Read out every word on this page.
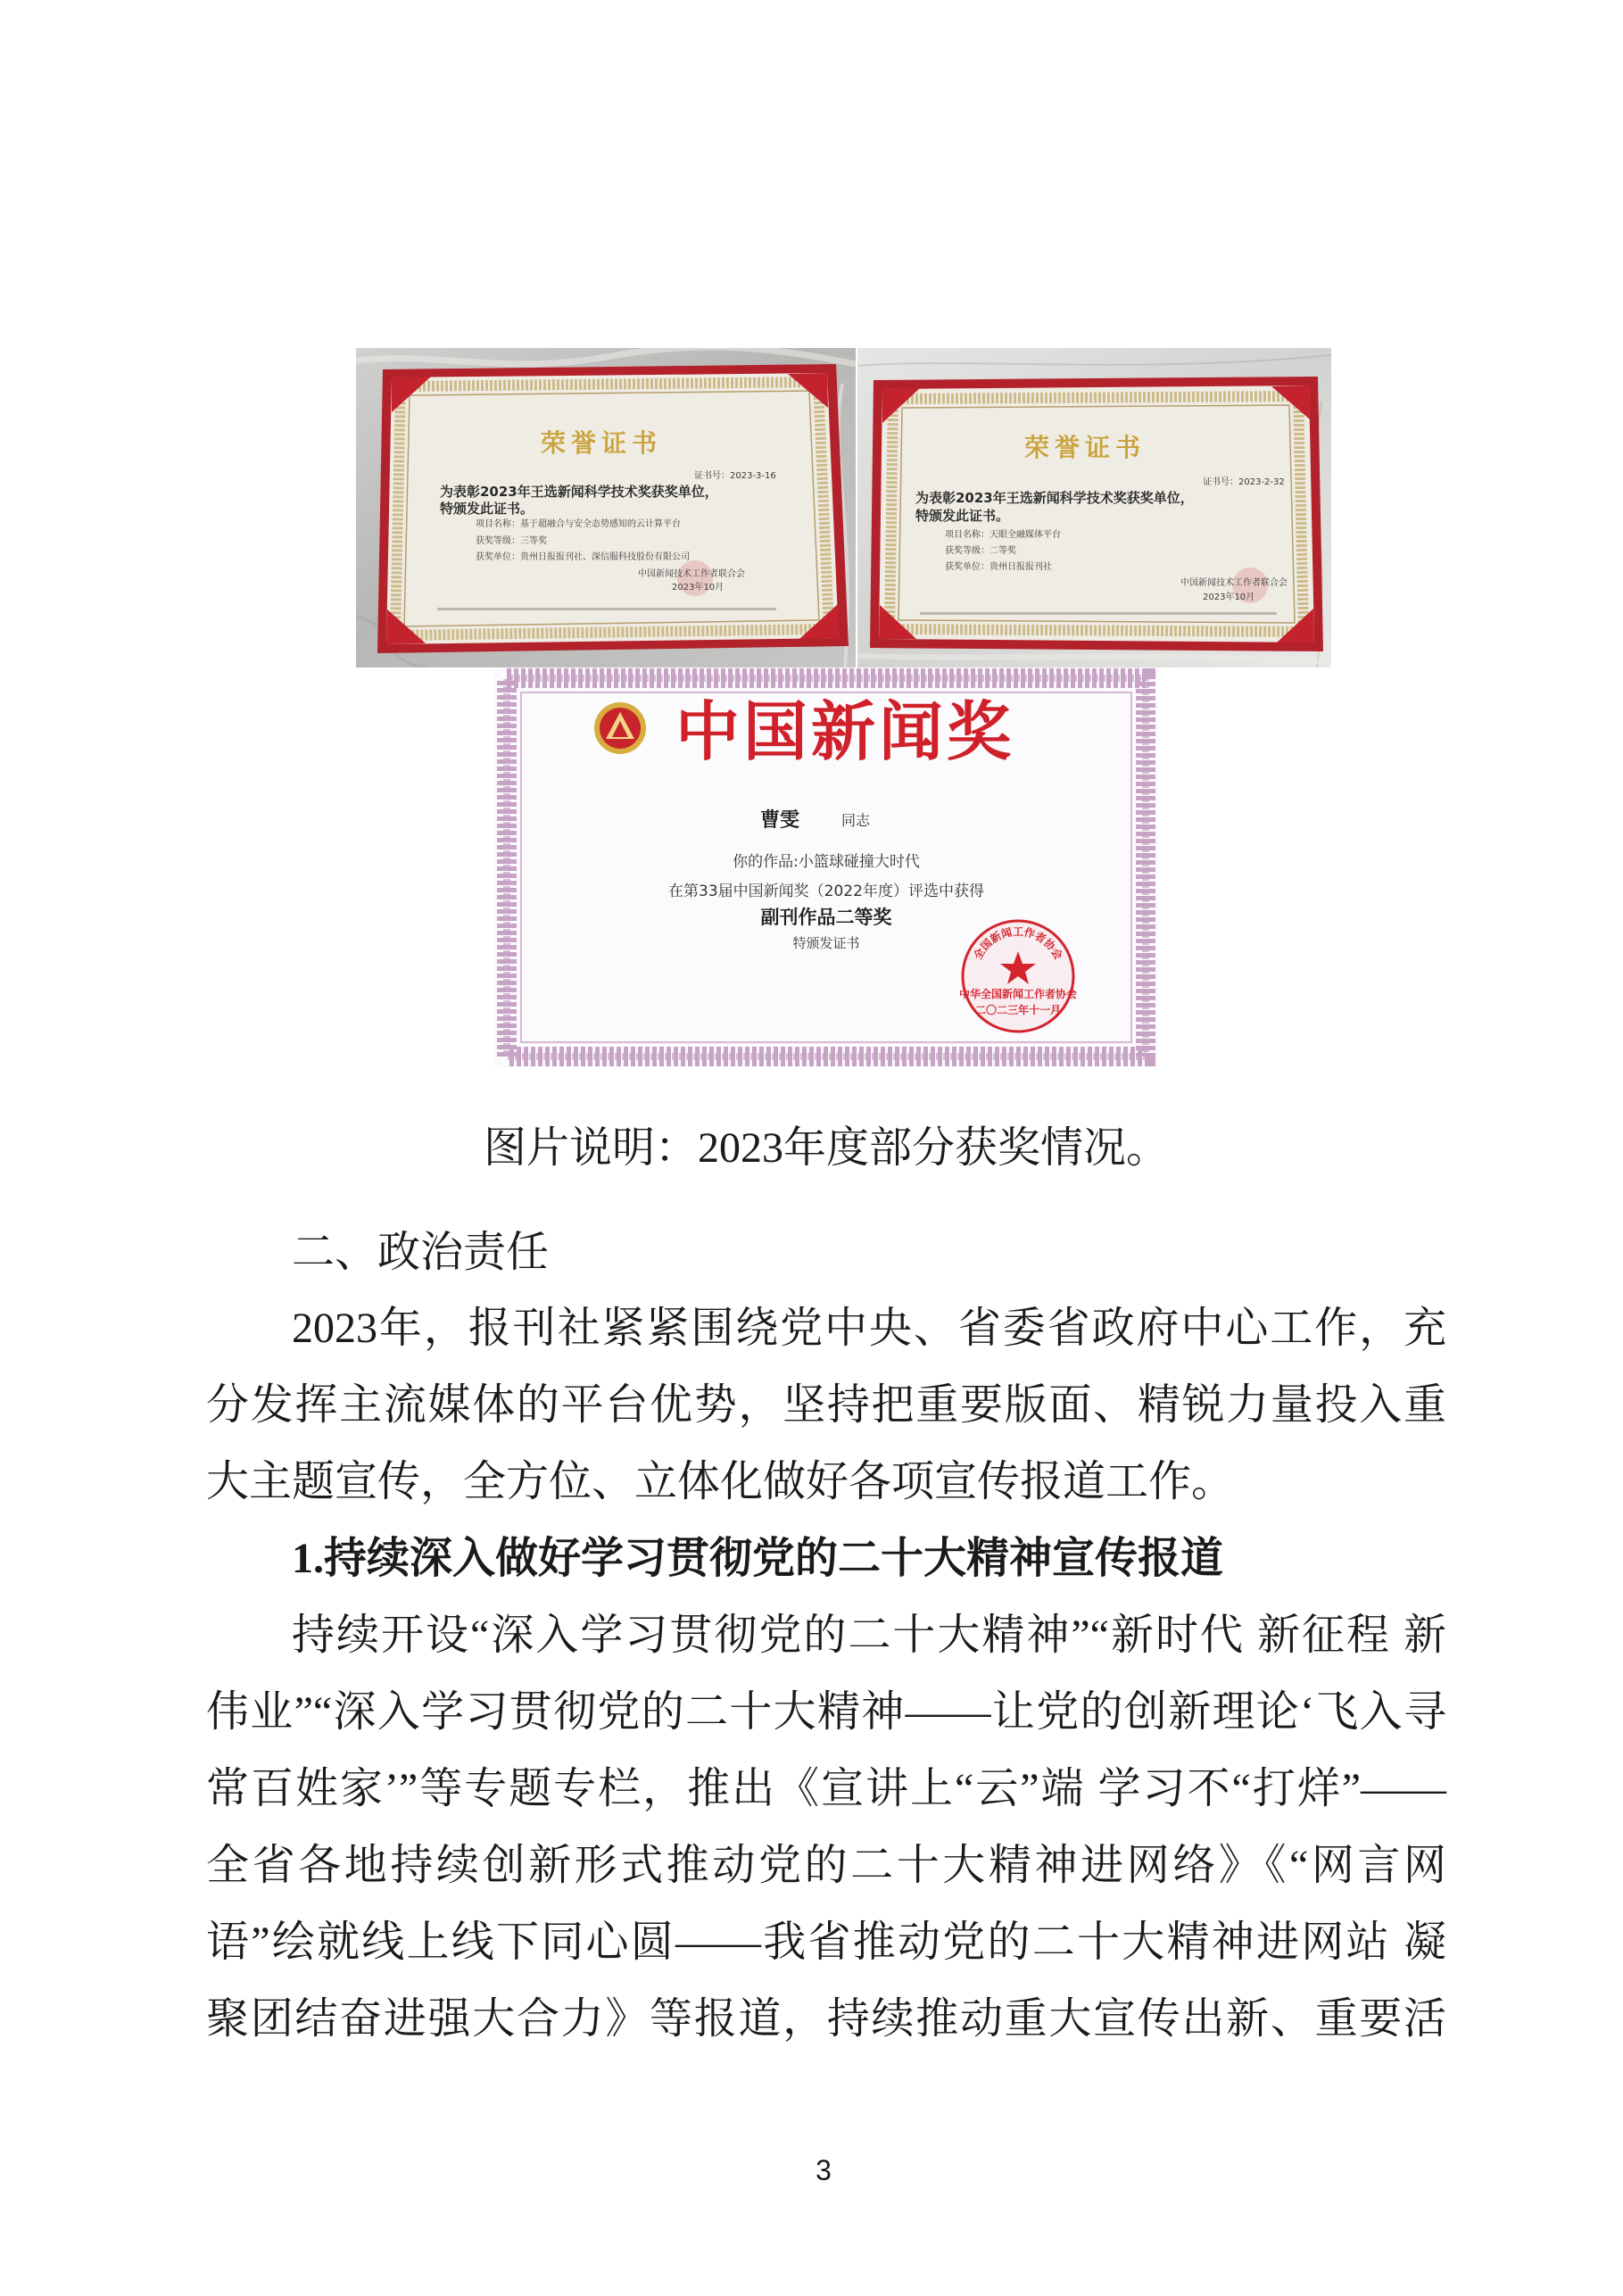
荣誉证书
证书号：2023-3-16
为表彰2023年王选新闻科学技术奖获奖单位，
特颁发此证书。
项目名称：基于超融合与安全态势感知的云计算平台
获奖等级：三等奖
获奖单位：贵州日报报刊社、深信服科技股份有限公司
中国新闻技术工作者联合会
2023年10月
荣誉证书
证书号：2023-2-32
为表彰2023年王选新闻科学技术奖获奖单位，
特颁发此证书。
项目名称：天眼全融媒体平台
获奖等级：二等奖
获奖单位：贵州日报报刊社
中国新闻技术工作者联合会
2023年10月
中国新闻奖
曹雯	同志
你的作品:小篮球碰撞大时代
在第33届中国新闻奖（2022年度）评选中获得
副刊作品二等奖
特颁发证书
全国新闻工作者协会
中华全国新闻工作者协会
二〇二三年十一月
图片说明：2023年度部分获奖情况。
二、政治责任
2023年，报刊社紧紧围绕党中央、省委省政府中心工作，充
分发挥主流媒体的平台优势，坚持把重要版面、精锐力量投入重
大主题宣传，全方位、立体化做好各项宣传报道工作。
1.持续深入做好学习贯彻党的二十大精神宣传报道
持续开设“深入学习贯彻党的二十大精神”“新时代 新征程 新
伟业”“深入学习贯彻党的二十大精神——让党的创新理论‘飞入寻
常百姓家’”等专题专栏，推出《宣讲上“云”端 学习不“打烊”——
全省各地持续创新形式推动党的二十大精神进网络》《“网言网
语”绘就线上线下同心圆——我省推动党的二十大精神进网站 凝
聚团结奋进强大合力》等报道，持续推动重大宣传出新、重要活
3
